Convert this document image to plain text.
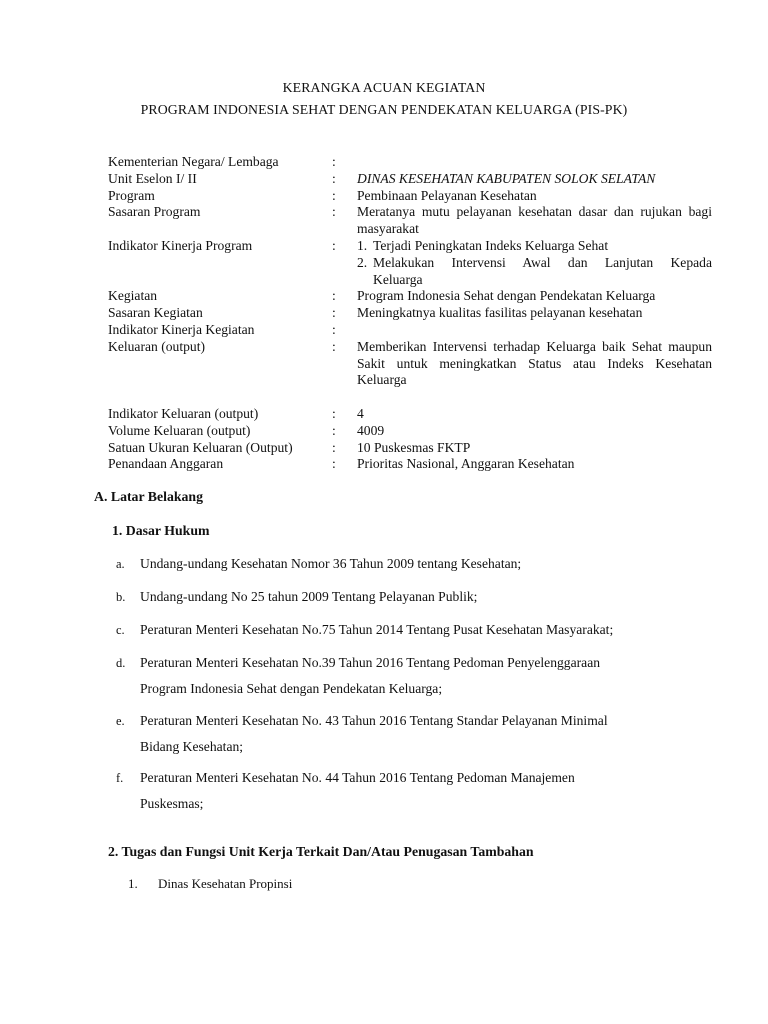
KERANGKA ACUAN KEGIATAN
PROGRAM INDONESIA SEHAT DENGAN PENDEKATAN KELUARGA (PIS-PK)
Kementerian Negara/ Lembaga	:
Unit Eselon I/ II	:	DINAS KESEHATAN KABUPATEN SOLOK SELATAN
Program	:	Pembinaan Pelayanan Kesehatan
Sasaran Program	:	Meratanya mutu pelayanan kesehatan dasar dan rujukan bagi masyarakat
Indikator Kinerja Program	:	1. Terjadi Peningkatan Indeks Keluarga Sehat
2. Melakukan Intervensi Awal dan Lanjutan Kepada
Keluarga
Kegiatan	:	Program Indonesia Sehat dengan Pendekatan Keluarga
Sasaran Kegiatan	:	Meningkatnya kualitas fasilitas pelayanan kesehatan
Indikator Kinerja Kegiatan	:
Keluaran (output)	:	Memberikan Intervensi terhadap Keluarga baik Sehat maupun Sakit untuk meningkatkan Status atau Indeks Kesehatan Keluarga
Indikator Keluaran (output)	:	4
Volume Keluaran (output)	:	4009
Satuan Ukuran Keluaran (Output)	:	10 Puskesmas FKTP
Penandaan Anggaran	:	Prioritas Nasional, Anggaran Kesehatan
A. Latar Belakang
1. Dasar Hukum
a. Undang-undang Kesehatan Nomor 36 Tahun 2009 tentang Kesehatan;
b. Undang-undang No 25 tahun 2009 Tentang Pelayanan Publik;
c. Peraturan Menteri Kesehatan No.75 Tahun 2014 Tentang Pusat Kesehatan Masyarakat;
d. Peraturan Menteri Kesehatan No.39 Tahun 2016 Tentang Pedoman Penyelenggaraan
Program Indonesia Sehat dengan Pendekatan Keluarga;
e. Peraturan Menteri Kesehatan No. 43 Tahun 2016 Tentang Standar Pelayanan Minimal
Bidang Kesehatan;
f. Peraturan Menteri Kesehatan No. 44 Tahun 2016 Tentang Pedoman Manajemen
Puskesmas;
2. Tugas dan Fungsi Unit Kerja Terkait Dan/Atau Penugasan Tambahan
1. Dinas Kesehatan Propinsi
